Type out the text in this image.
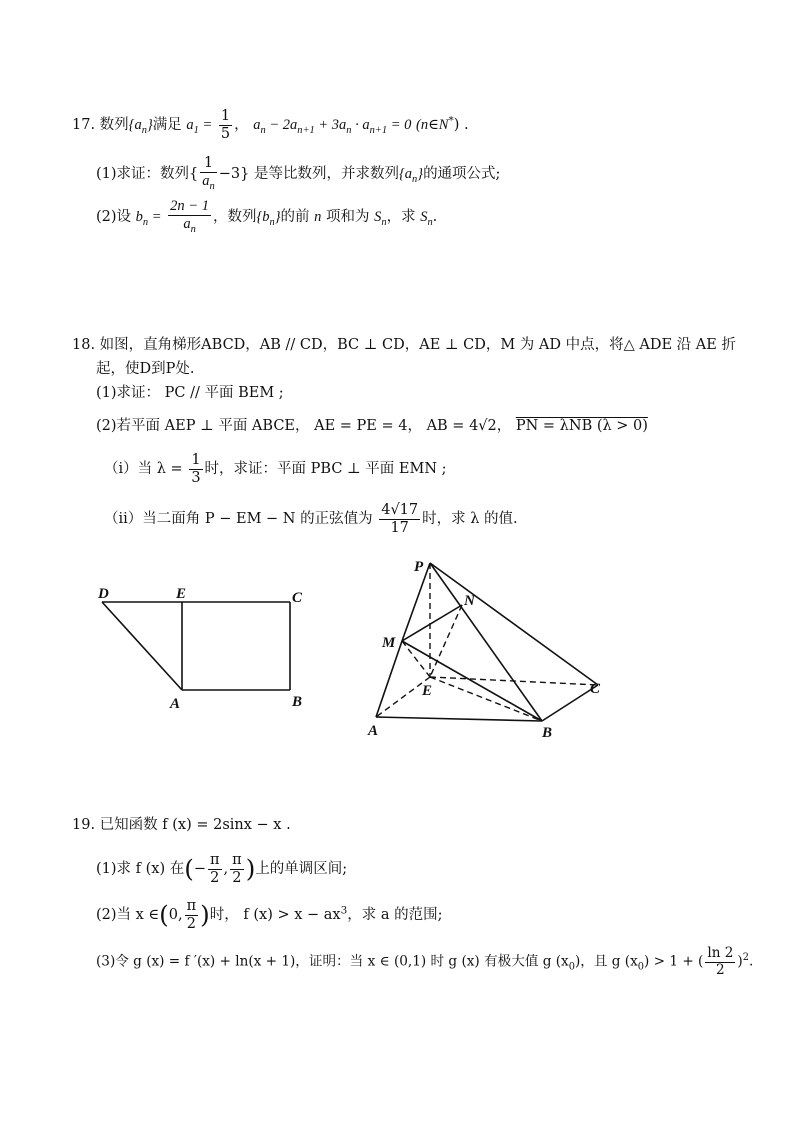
17. 数列$\{a_n\}$满足 $a_1 = \frac{1}{5}$ ， $a_n - 2a_{n+1} + 3a_n \cdot a_{n+1} = 0$ (n∈N*) .
(1)求证：数列{ $\frac{1}{a_n} -3$} 是等比数列，并求数列$\{a_n\}$的通项公式;
(2)设 $b_n = \frac{2n - 1}{a_n}$ ，数列$\{b_n\}$的前 n 项和为 $S_n$，求 $S_n$.
18. 如图，直角梯形ABCD，AB // CD，BC ⊥ CD，AE ⊥ CD，M 为 AD 中点，将△ ADE 沿 AE 折
起，使D到P处.
(1)求证： PC // 平面 BEM ;
(2)若平面 AEP ⊥ 平面 ABCE， AE = PE = 4， AB = 4√2， PN = λNB (λ > 0)
（ⅰ）当 $\lambda = \frac{1}{3}$ 时，求证：平面 PBC ⊥ 平面 EMN ;
（ⅱ）当二面角 P − EM − N 的正弦值为 $\frac{4√17}{17}$ 时，求 λ 的值.
D	E	C
A	B
P
N
M
E	C
A	B
19. 已知函数 f (x) = 2sinx − x .
(1)求 f (x) 在(− $\frac{\pi}{2}$ , $\frac{\pi}{2}$ )上的单调区间;
(2)当 x ∈(0, $\frac{\pi}{2}$ )时， f $(x) > x - ax^3$，求 a 的范围;
(3)令 g (x) = f ′(x) + ln(x + 1)，证明：当 x ∈ (0,1) 时 g (x) 有极大值 g $(x_0)$，且 g $(x_0) > 1$ + ( $\frac{\ln 2}{2} )^2$.
